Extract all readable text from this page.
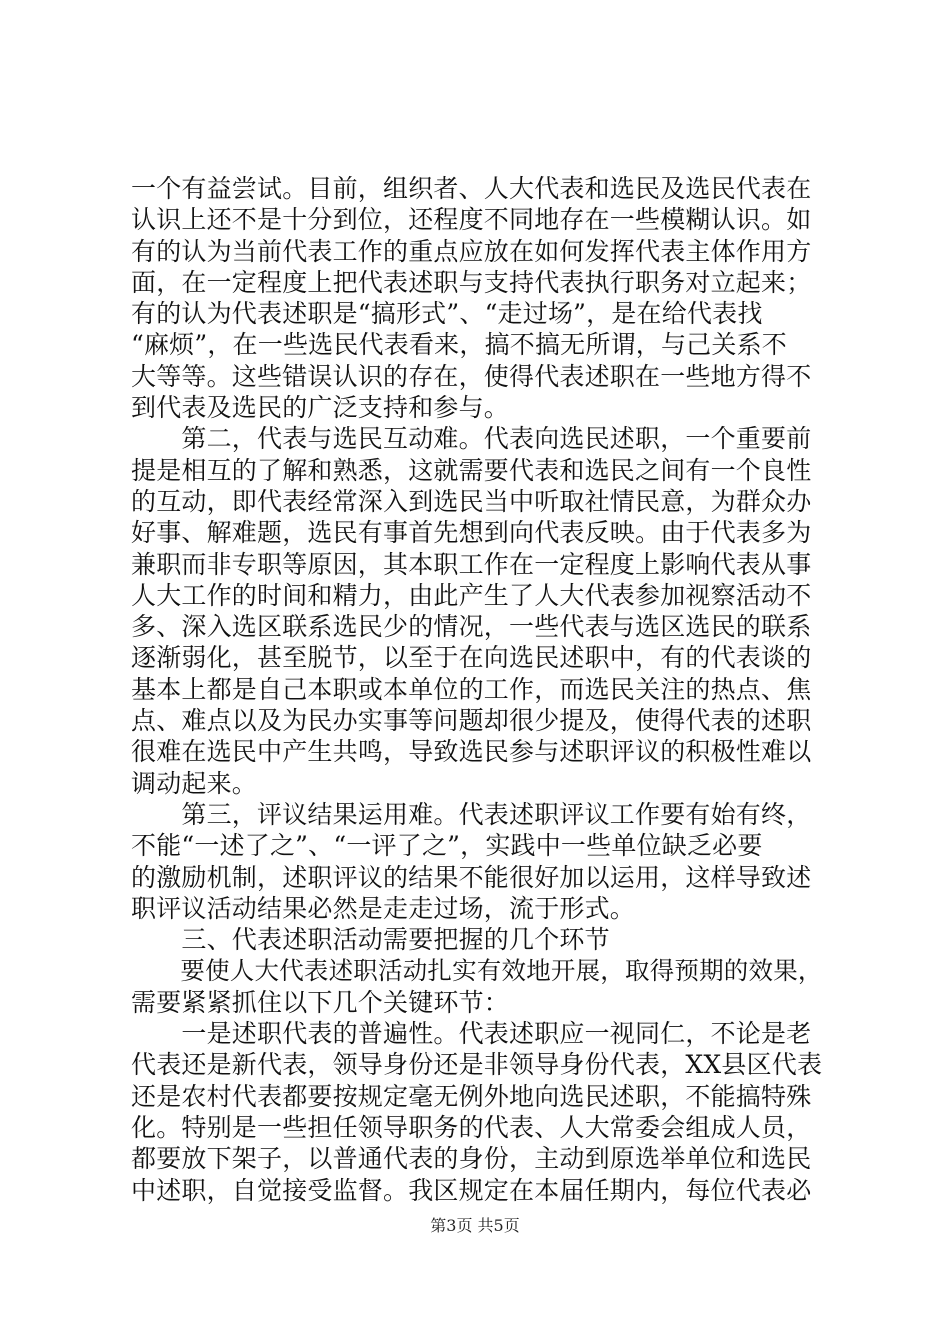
一个有益尝试。目前，组织者、人大代表和选民及选民代表在
认识上还不是十分到位，还程度不同地存在一些模糊认识。如
有的认为当前代表工作的重点应放在如何发挥代表主体作用方
面，在一定程度上把代表述职与支持代表执行职务对立起来；
有的认为代表述职是“搞形式”、“走过场”，是在给代表找
“麻烦”，在一些选民代表看来，搞不搞无所谓，与己关系不
大等等。这些错误认识的存在，使得代表述职在一些地方得不
到代表及选民的广泛支持和参与。
　　第二，代表与选民互动难。代表向选民述职，一个重要前
提是相互的了解和熟悉，这就需要代表和选民之间有一个良性
的互动，即代表经常深入到选民当中听取社情民意，为群众办
好事、解难题，选民有事首先想到向代表反映。由于代表多为
兼职而非专职等原因，其本职工作在一定程度上影响代表从事
人大工作的时间和精力，由此产生了人大代表参加视察活动不
多、深入选区联系选民少的情况，一些代表与选区选民的联系
逐渐弱化，甚至脱节，以至于在向选民述职中，有的代表谈的
基本上都是自己本职或本单位的工作，而选民关注的热点、焦
点、难点以及为民办实事等问题却很少提及，使得代表的述职
很难在选民中产生共鸣，导致选民参与述职评议的积极性难以
调动起来。
　　第三，评议结果运用难。代表述职评议工作要有始有终，
不能“一述了之”、“一评了之”，实践中一些单位缺乏必要
的激励机制，述职评议的结果不能很好加以运用，这样导致述
职评议活动结果必然是走走过场，流于形式。
　　三、代表述职活动需要把握的几个环节
　　要使人大代表述职活动扎实有效地开展，取得预期的效果，
需要紧紧抓住以下几个关键环节：
　　一是述职代表的普遍性。代表述职应一视同仁，不论是老
代表还是新代表，领导身份还是非领导身份代表，XX县区代表
还是农村代表都要按规定毫无例外地向选民述职，不能搞特殊
化。特别是一些担任领导职务的代表、人大常委会组成人员，
都要放下架子，以普通代表的身份，主动到原选举单位和选民
中述职，自觉接受监督。我区规定在本届任期内，每位代表必
第3页 共5页
